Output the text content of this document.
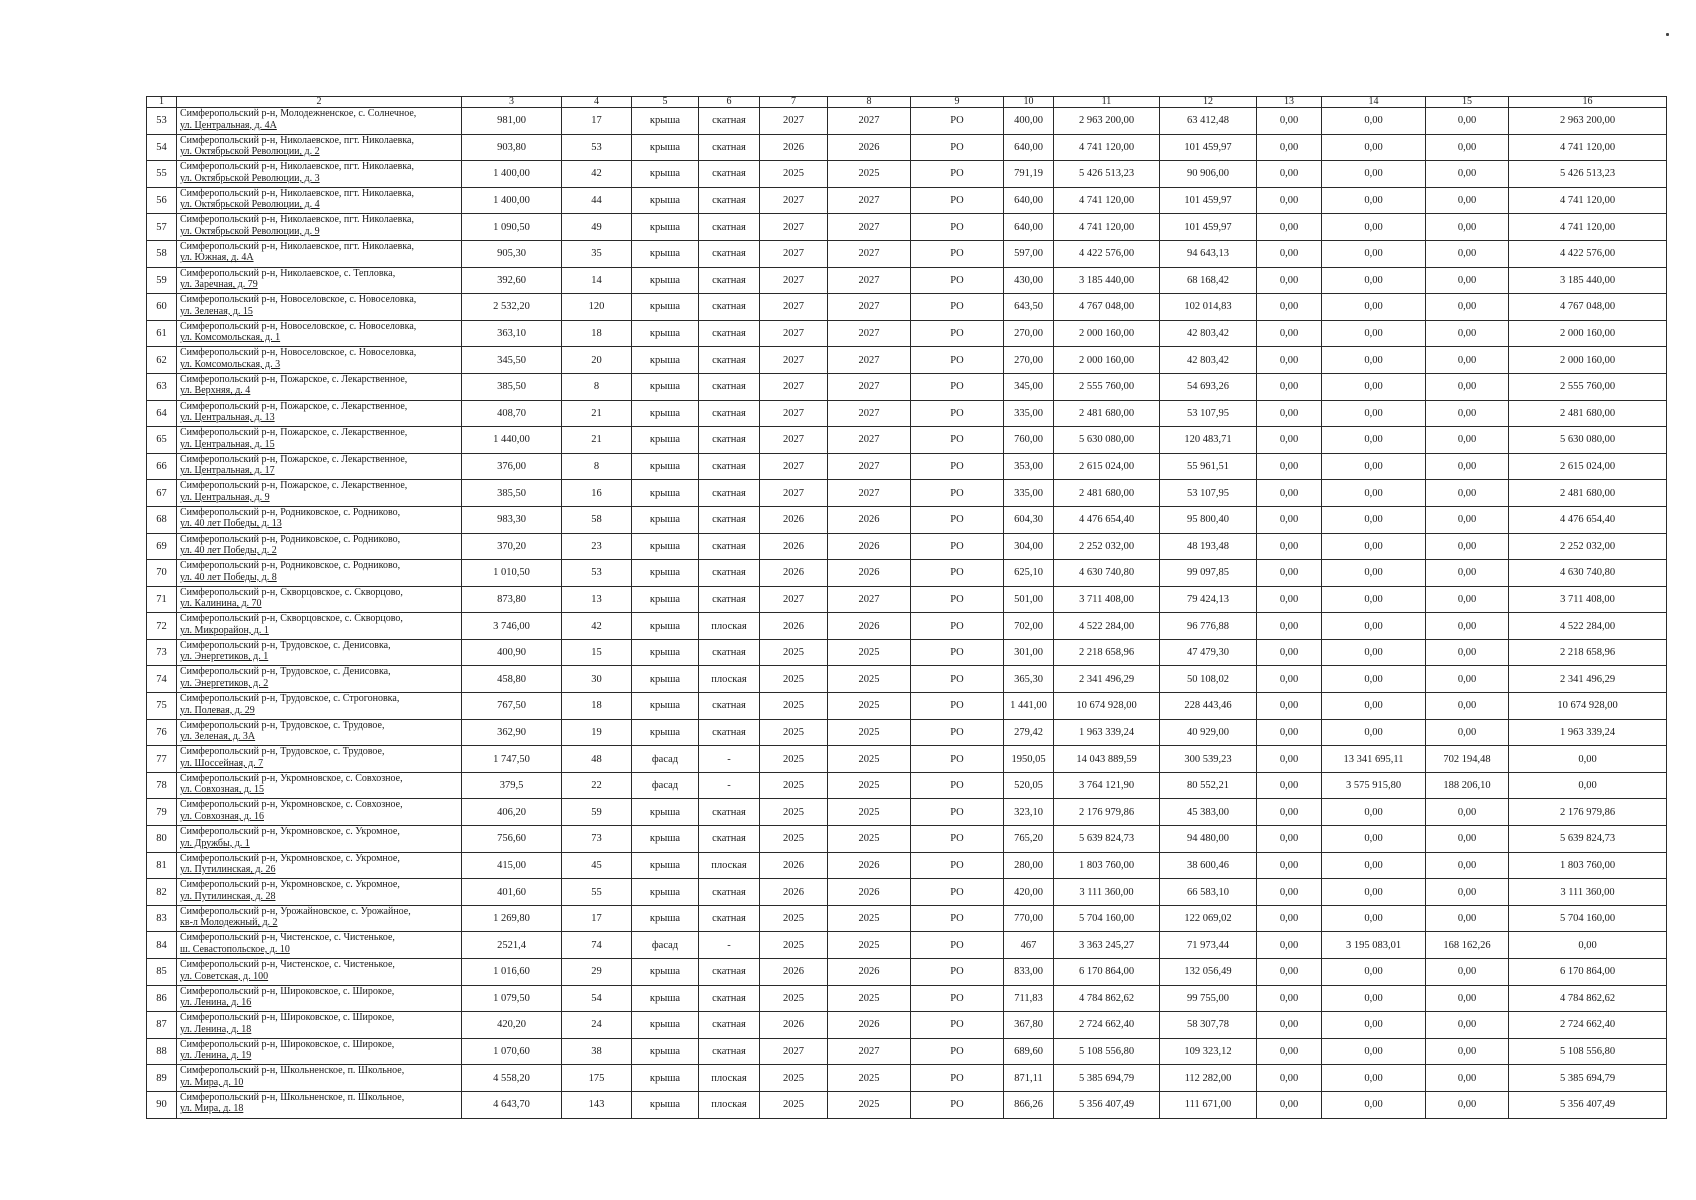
1	2	3	4	5	6	7	8	9	10	11	12	13	14	15	16
53	Симферопольский р-н, Молодежненское, с. Солнечное,
ул. Центральная, д. 4А	981,00	17	крыша	скатная	2027	2027	РО	400,00	2 963 200,00	63 412,48	0,00	0,00	0,00	2 963 200,00
54	Симферопольский р-н, Николаевское, пгт. Николаевка,
ул. Октябрьской Революции, д. 2	903,80	53	крыша	скатная	2026	2026	РО	640,00	4 741 120,00	101 459,97	0,00	0,00	0,00	4 741 120,00
55	Симферопольский р-н, Николаевское, пгт. Николаевка,
ул. Октябрьской Революции, д. 3	1 400,00	42	крыша	скатная	2025	2025	РО	791,19	5 426 513,23	90 906,00	0,00	0,00	0,00	5 426 513,23
56	Симферопольский р-н, Николаевское, пгт. Николаевка,
ул. Октябрьской Революции, д. 4	1 400,00	44	крыша	скатная	2027	2027	РО	640,00	4 741 120,00	101 459,97	0,00	0,00	0,00	4 741 120,00
57	Симферопольский р-н, Николаевское, пгт. Николаевка,
ул. Октябрьской Революции, д. 9	1 090,50	49	крыша	скатная	2027	2027	РО	640,00	4 741 120,00	101 459,97	0,00	0,00	0,00	4 741 120,00
58	Симферопольский р-н, Николаевское, пгт. Николаевка,
ул. Южная, д. 4А	905,30	35	крыша	скатная	2027	2027	РО	597,00	4 422 576,00	94 643,13	0,00	0,00	0,00	4 422 576,00
59	Симферопольский р-н, Николаевское, с. Тепловка,
ул. Заречная, д. 79	392,60	14	крыша	скатная	2027	2027	РО	430,00	3 185 440,00	68 168,42	0,00	0,00	0,00	3 185 440,00
60	Симферопольский р-н, Новоселовское, с. Новоселовка,
ул. Зеленая, д. 15	2 532,20	120	крыша	скатная	2027	2027	РО	643,50	4 767 048,00	102 014,83	0,00	0,00	0,00	4 767 048,00
61	Симферопольский р-н, Новоселовское, с. Новоселовка,
ул. Комсомольская, д. 1	363,10	18	крыша	скатная	2027	2027	РО	270,00	2 000 160,00	42 803,42	0,00	0,00	0,00	2 000 160,00
62	Симферопольский р-н, Новоселовское, с. Новоселовка,
ул. Комсомольская, д. 3	345,50	20	крыша	скатная	2027	2027	РО	270,00	2 000 160,00	42 803,42	0,00	0,00	0,00	2 000 160,00
63	Симферопольский р-н, Пожарское, с. Лекарственное,
ул. Верхняя, д. 4	385,50	8	крыша	скатная	2027	2027	РО	345,00	2 555 760,00	54 693,26	0,00	0,00	0,00	2 555 760,00
64	Симферопольский р-н, Пожарское, с. Лекарственное,
ул. Центральная, д. 13	408,70	21	крыша	скатная	2027	2027	РО	335,00	2 481 680,00	53 107,95	0,00	0,00	0,00	2 481 680,00
65	Симферопольский р-н, Пожарское, с. Лекарственное,
ул. Центральная, д. 15	1 440,00	21	крыша	скатная	2027	2027	РО	760,00	5 630 080,00	120 483,71	0,00	0,00	0,00	5 630 080,00
66	Симферопольский р-н, Пожарское, с. Лекарственное,
ул. Центральная, д. 17	376,00	8	крыша	скатная	2027	2027	РО	353,00	2 615 024,00	55 961,51	0,00	0,00	0,00	2 615 024,00
67	Симферопольский р-н, Пожарское, с. Лекарственное,
ул. Центральная, д. 9	385,50	16	крыша	скатная	2027	2027	РО	335,00	2 481 680,00	53 107,95	0,00	0,00	0,00	2 481 680,00
68	Симферопольский р-н, Родниковское, с. Родниково,
ул. 40 лет Победы, д. 13	983,30	58	крыша	скатная	2026	2026	РО	604,30	4 476 654,40	95 800,40	0,00	0,00	0,00	4 476 654,40
69	Симферопольский р-н, Родниковское, с. Родниково,
ул. 40 лет Победы, д. 2	370,20	23	крыша	скатная	2026	2026	РО	304,00	2 252 032,00	48 193,48	0,00	0,00	0,00	2 252 032,00
70	Симферопольский р-н, Родниковское, с. Родниково,
ул. 40 лет Победы, д. 8	1 010,50	53	крыша	скатная	2026	2026	РО	625,10	4 630 740,80	99 097,85	0,00	0,00	0,00	4 630 740,80
71	Симферопольский р-н, Скворцовское, с. Скворцово,
ул. Калинина, д. 70	873,80	13	крыша	скатная	2027	2027	РО	501,00	3 711 408,00	79 424,13	0,00	0,00	0,00	3 711 408,00
72	Симферопольский р-н, Скворцовское, с. Скворцово,
ул. Микрорайон, д. 1	3 746,00	42	крыша	плоская	2026	2026	РО	702,00	4 522 284,00	96 776,88	0,00	0,00	0,00	4 522 284,00
73	Симферопольский р-н, Трудовское, с. Денисовка,
ул. Энергетиков, д. 1	400,90	15	крыша	скатная	2025	2025	РО	301,00	2 218 658,96	47 479,30	0,00	0,00	0,00	2 218 658,96
74	Симферопольский р-н, Трудовское, с. Денисовка,
ул. Энергетиков, д. 2	458,80	30	крыша	плоская	2025	2025	РО	365,30	2 341 496,29	50 108,02	0,00	0,00	0,00	2 341 496,29
75	Симферопольский р-н, Трудовское, с. Строгоновка,
ул. Полевая, д. 29	767,50	18	крыша	скатная	2025	2025	РО	1 441,00	10 674 928,00	228 443,46	0,00	0,00	0,00	10 674 928,00
76	Симферопольский р-н, Трудовское, с. Трудовое,
ул. Зеленая, д. 3А	362,90	19	крыша	скатная	2025	2025	РО	279,42	1 963 339,24	40 929,00	0,00	0,00	0,00	1 963 339,24
77	Симферопольский р-н, Трудовское, с. Трудовое,
ул. Шоссейная, д. 7	1 747,50	48	фасад	-	2025	2025	РО	1950,05	14 043 889,59	300 539,23	0,00	13 341 695,11	702 194,48	0,00
78	Симферопольский р-н, Укромновское, с. Совхозное,
ул. Совхозная, д. 15	379,5	22	фасад	-	2025	2025	РО	520,05	3 764 121,90	80 552,21	0,00	3 575 915,80	188 206,10	0,00
79	Симферопольский р-н, Укромновское, с. Совхозное,
ул. Совхозная, д. 16	406,20	59	крыша	скатная	2025	2025	РО	323,10	2 176 979,86	45 383,00	0,00	0,00	0,00	2 176 979,86
80	Симферопольский р-н, Укромновское, с. Укромное,
ул. Дружбы, д. 1	756,60	73	крыша	скатная	2025	2025	РО	765,20	5 639 824,73	94 480,00	0,00	0,00	0,00	5 639 824,73
81	Симферопольский р-н, Укромновское, с. Укромное,
ул. Путилинская, д. 26	415,00	45	крыша	плоская	2026	2026	РО	280,00	1 803 760,00	38 600,46	0,00	0,00	0,00	1 803 760,00
82	Симферопольский р-н, Укромновское, с. Укромное,
ул. Путилинская, д. 28	401,60	55	крыша	скатная	2026	2026	РО	420,00	3 111 360,00	66 583,10	0,00	0,00	0,00	3 111 360,00
83	Симферопольский р-н, Урожайновское, с. Урожайное,
кв-л Молодежный, д. 2	1 269,80	17	крыша	скатная	2025	2025	РО	770,00	5 704 160,00	122 069,02	0,00	0,00	0,00	5 704 160,00
84	Симферопольский р-н, Чистенское, с. Чистенькое,
ш. Севастопольское, д. 10	2521,4	74	фасад	-	2025	2025	РО	467	3 363 245,27	71 973,44	0,00	3 195 083,01	168 162,26	0,00
85	Симферопольский р-н, Чистенское, с. Чистенькое,
ул. Советская, д. 100	1 016,60	29	крыша	скатная	2026	2026	РО	833,00	6 170 864,00	132 056,49	0,00	0,00	0,00	6 170 864,00
86	Симферопольский р-н, Широковское, с. Широкое,
ул. Ленина, д. 16	1 079,50	54	крыша	скатная	2025	2025	РО	711,83	4 784 862,62	99 755,00	0,00	0,00	0,00	4 784 862,62
87	Симферопольский р-н, Широковское, с. Широкое,
ул. Ленина, д. 18	420,20	24	крыша	скатная	2026	2026	РО	367,80	2 724 662,40	58 307,78	0,00	0,00	0,00	2 724 662,40
88	Симферопольский р-н, Широковское, с. Широкое,
ул. Ленина, д. 19	1 070,60	38	крыша	скатная	2027	2027	РО	689,60	5 108 556,80	109 323,12	0,00	0,00	0,00	5 108 556,80
89	Симферопольский р-н, Школьненское, п. Школьное,
ул. Мира, д. 10	4 558,20	175	крыша	плоская	2025	2025	РО	871,11	5 385 694,79	112 282,00	0,00	0,00	0,00	5 385 694,79
90	Симферопольский р-н, Школьненское, п. Школьное,
ул. Мира, д. 18	4 643,70	143	крыша	плоская	2025	2025	РО	866,26	5 356 407,49	111 671,00	0,00	0,00	0,00	5 356 407,49
